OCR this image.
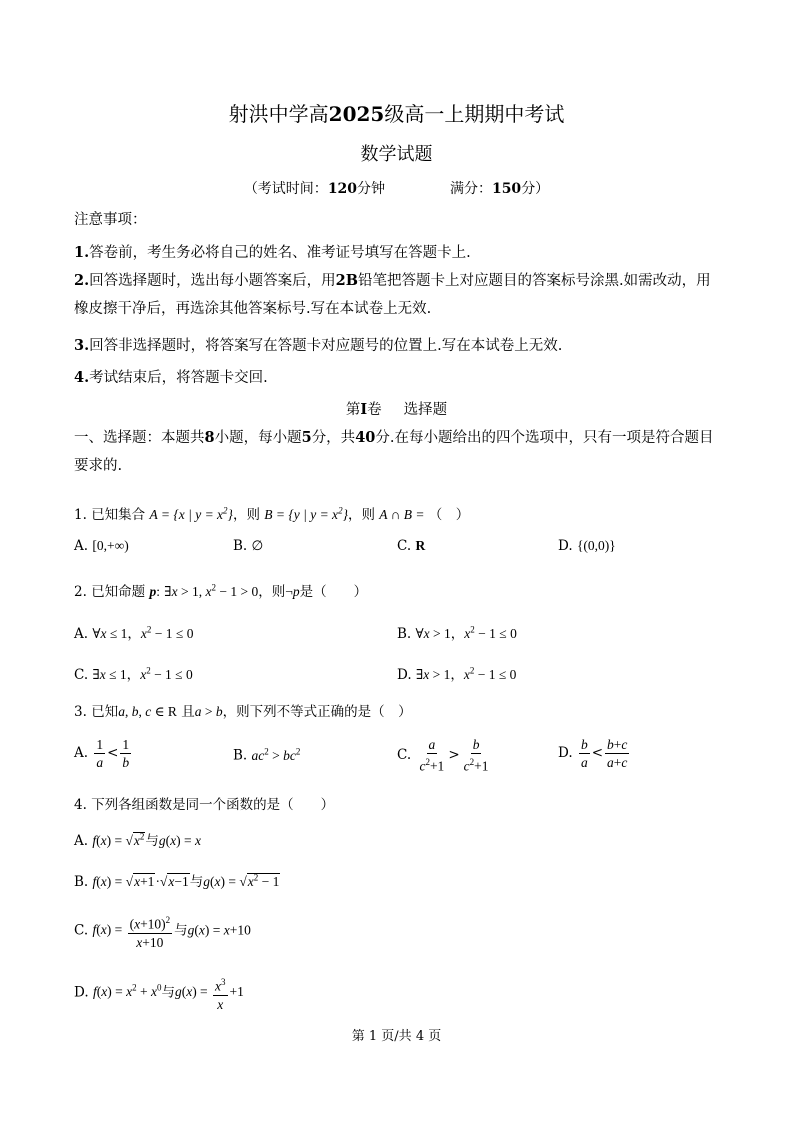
射洪中学高2025级高一上期期中考试
数学试题
（考试时间：120分钟	满分：150分）
注意事项：
1.答卷前，考生务必将自己的姓名、准考证号填写在答题卡上.
2.回答选择题时，选出每小题答案后，用2B铅笔把答题卡上对应题目的答案标号涂黑.如需改动，用橡皮擦干净后，再选涂其他答案标号.写在本试卷上无效.
3.回答非选择题时，将答案写在答题卡对应题号的位置上.写在本试卷上无效.
4.考试结束后，将答题卡交回.
第I卷 选择题
一、选择题：本题共8小题，每小题5分，共40分.在每小题给出的四个选项中，只有一项是符合题目要求的.
1. 已知集合 A = {x | $y = x^2$}，则 B = {y | $y = x^2$}，则 A ∩ B = （　）
A. [0,+∞)	B. ∅	C. R	D. {(0,0)}
2. 已知命题 p: ∃x > 1, $x^2 - 1 > 0$，则¬p是（　　）
A. ∀x ≤ 1，$x^2 - 1 \le 0$	B. ∀x > 1，$x^2 - 1 \le 0$
C. ∃x ≤ 1，$x^2 - 1 \le 0$	D. ∃x > 1，$x^2 - 1 \le 0$
3. 已知a, b, c ∈ R 且a > b，则下列不等式正确的是（　）
A. $\frac{1}{a} < \frac{1}{b}$	B. $ac^2 > bc^2$	C. $\frac{a}{c^2+1} > \frac{b}{c^2+1}$	D. $\frac{b}{a} < \frac{b+c}{a+c}$
4. 下列各组函数是同一个函数的是（　　）
A. $f(x) = √x^2$与g(x) = x
B. f(x) = √x+1·√x−1与$g(x) = √x^2 - 1$
C. $f(x) = \frac{(x+10)^2}{x+10}$ 与g(x) = x+10
D. $f(x) = x^2 + x^0$与$g(x) = \frac{x^3}{x} +1$
第 1 页/共 4 页
